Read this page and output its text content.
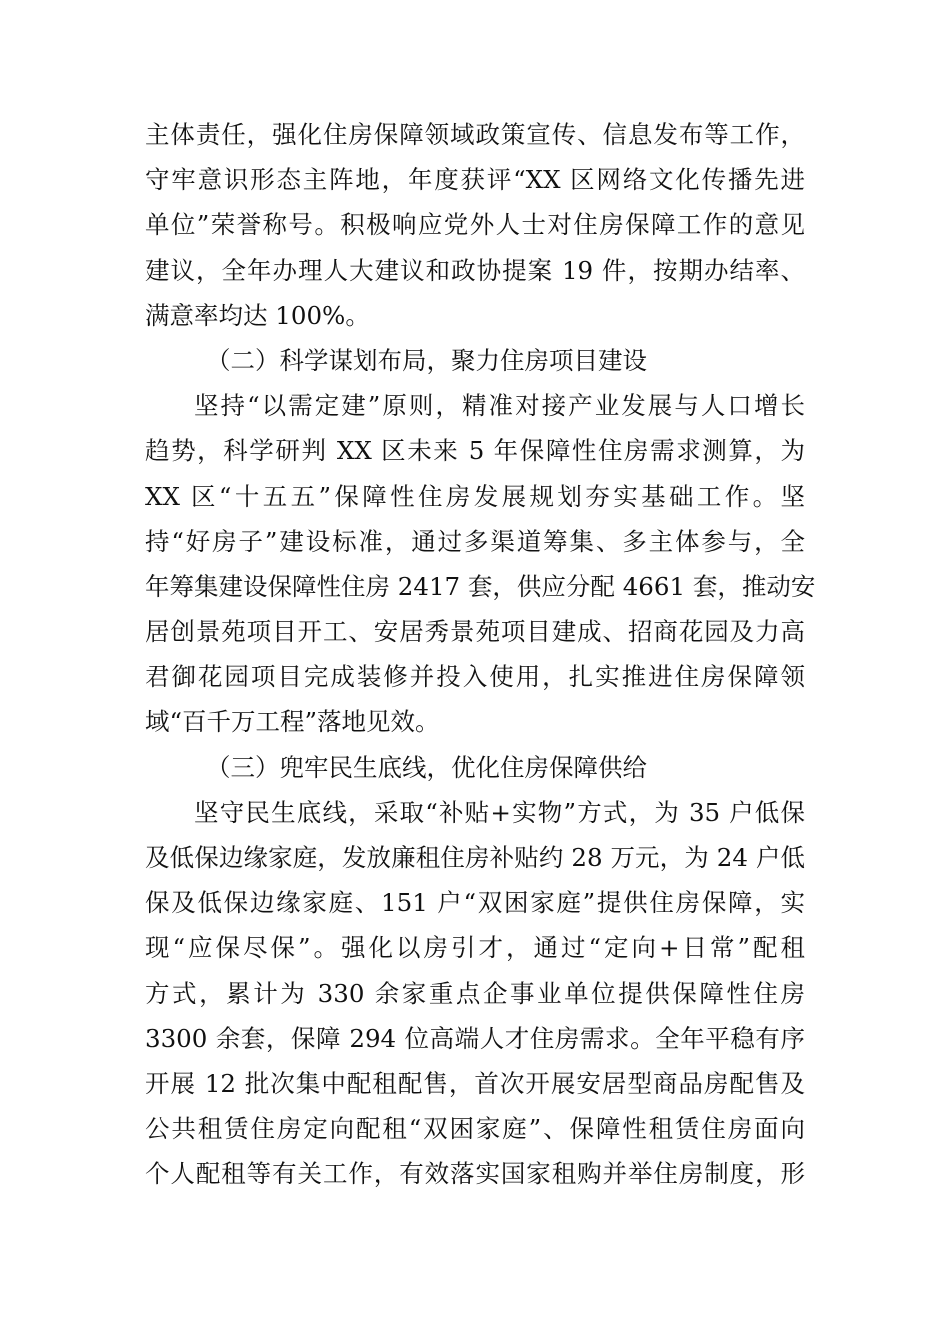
主体责任，强化住房保障领域政策宣传、信息发布等工作，
守牢意识形态主阵地，年度获评“XX 区网络文化传播先进
单位”荣誉称号。积极响应党外人士对住房保障工作的意见
建议，全年办理人大建议和政协提案 19 件，按期办结率、
满意率均达 100%。
（二）科学谋划布局，聚力住房项目建设
坚持“以需定建”原则，精准对接产业发展与人口增长
趋势，科学研判 XX 区未来 5 年保障性住房需求测算，为
XX 区“十五五”保障性住房发展规划夯实基础工作。坚
持“好房子”建设标准，通过多渠道筹集、多主体参与，全
年筹集建设保障性住房 2417 套，供应分配 4661 套，推动安
居创景苑项目开工、安居秀景苑项目建成、招商花园及力高
君御花园项目完成装修并投入使用，扎实推进住房保障领
域“百千万工程”落地见效。
（三）兜牢民生底线，优化住房保障供给
坚守民生底线，采取“补贴+实物”方式，为 35 户低保
及低保边缘家庭，发放廉租住房补贴约 28 万元，为 24 户低
保及低保边缘家庭、151 户“双困家庭”提供住房保障，实
现“应保尽保”。强化以房引才，通过“定向+日常”配租
方式，累计为 330 余家重点企事业单位提供保障性住房
3300 余套，保障 294 位高端人才住房需求。全年平稳有序
开展 12 批次集中配租配售，首次开展安居型商品房配售及
公共租赁住房定向配租“双困家庭”、保障性租赁住房面向
个人配租等有关工作，有效落实国家租购并举住房制度，形
